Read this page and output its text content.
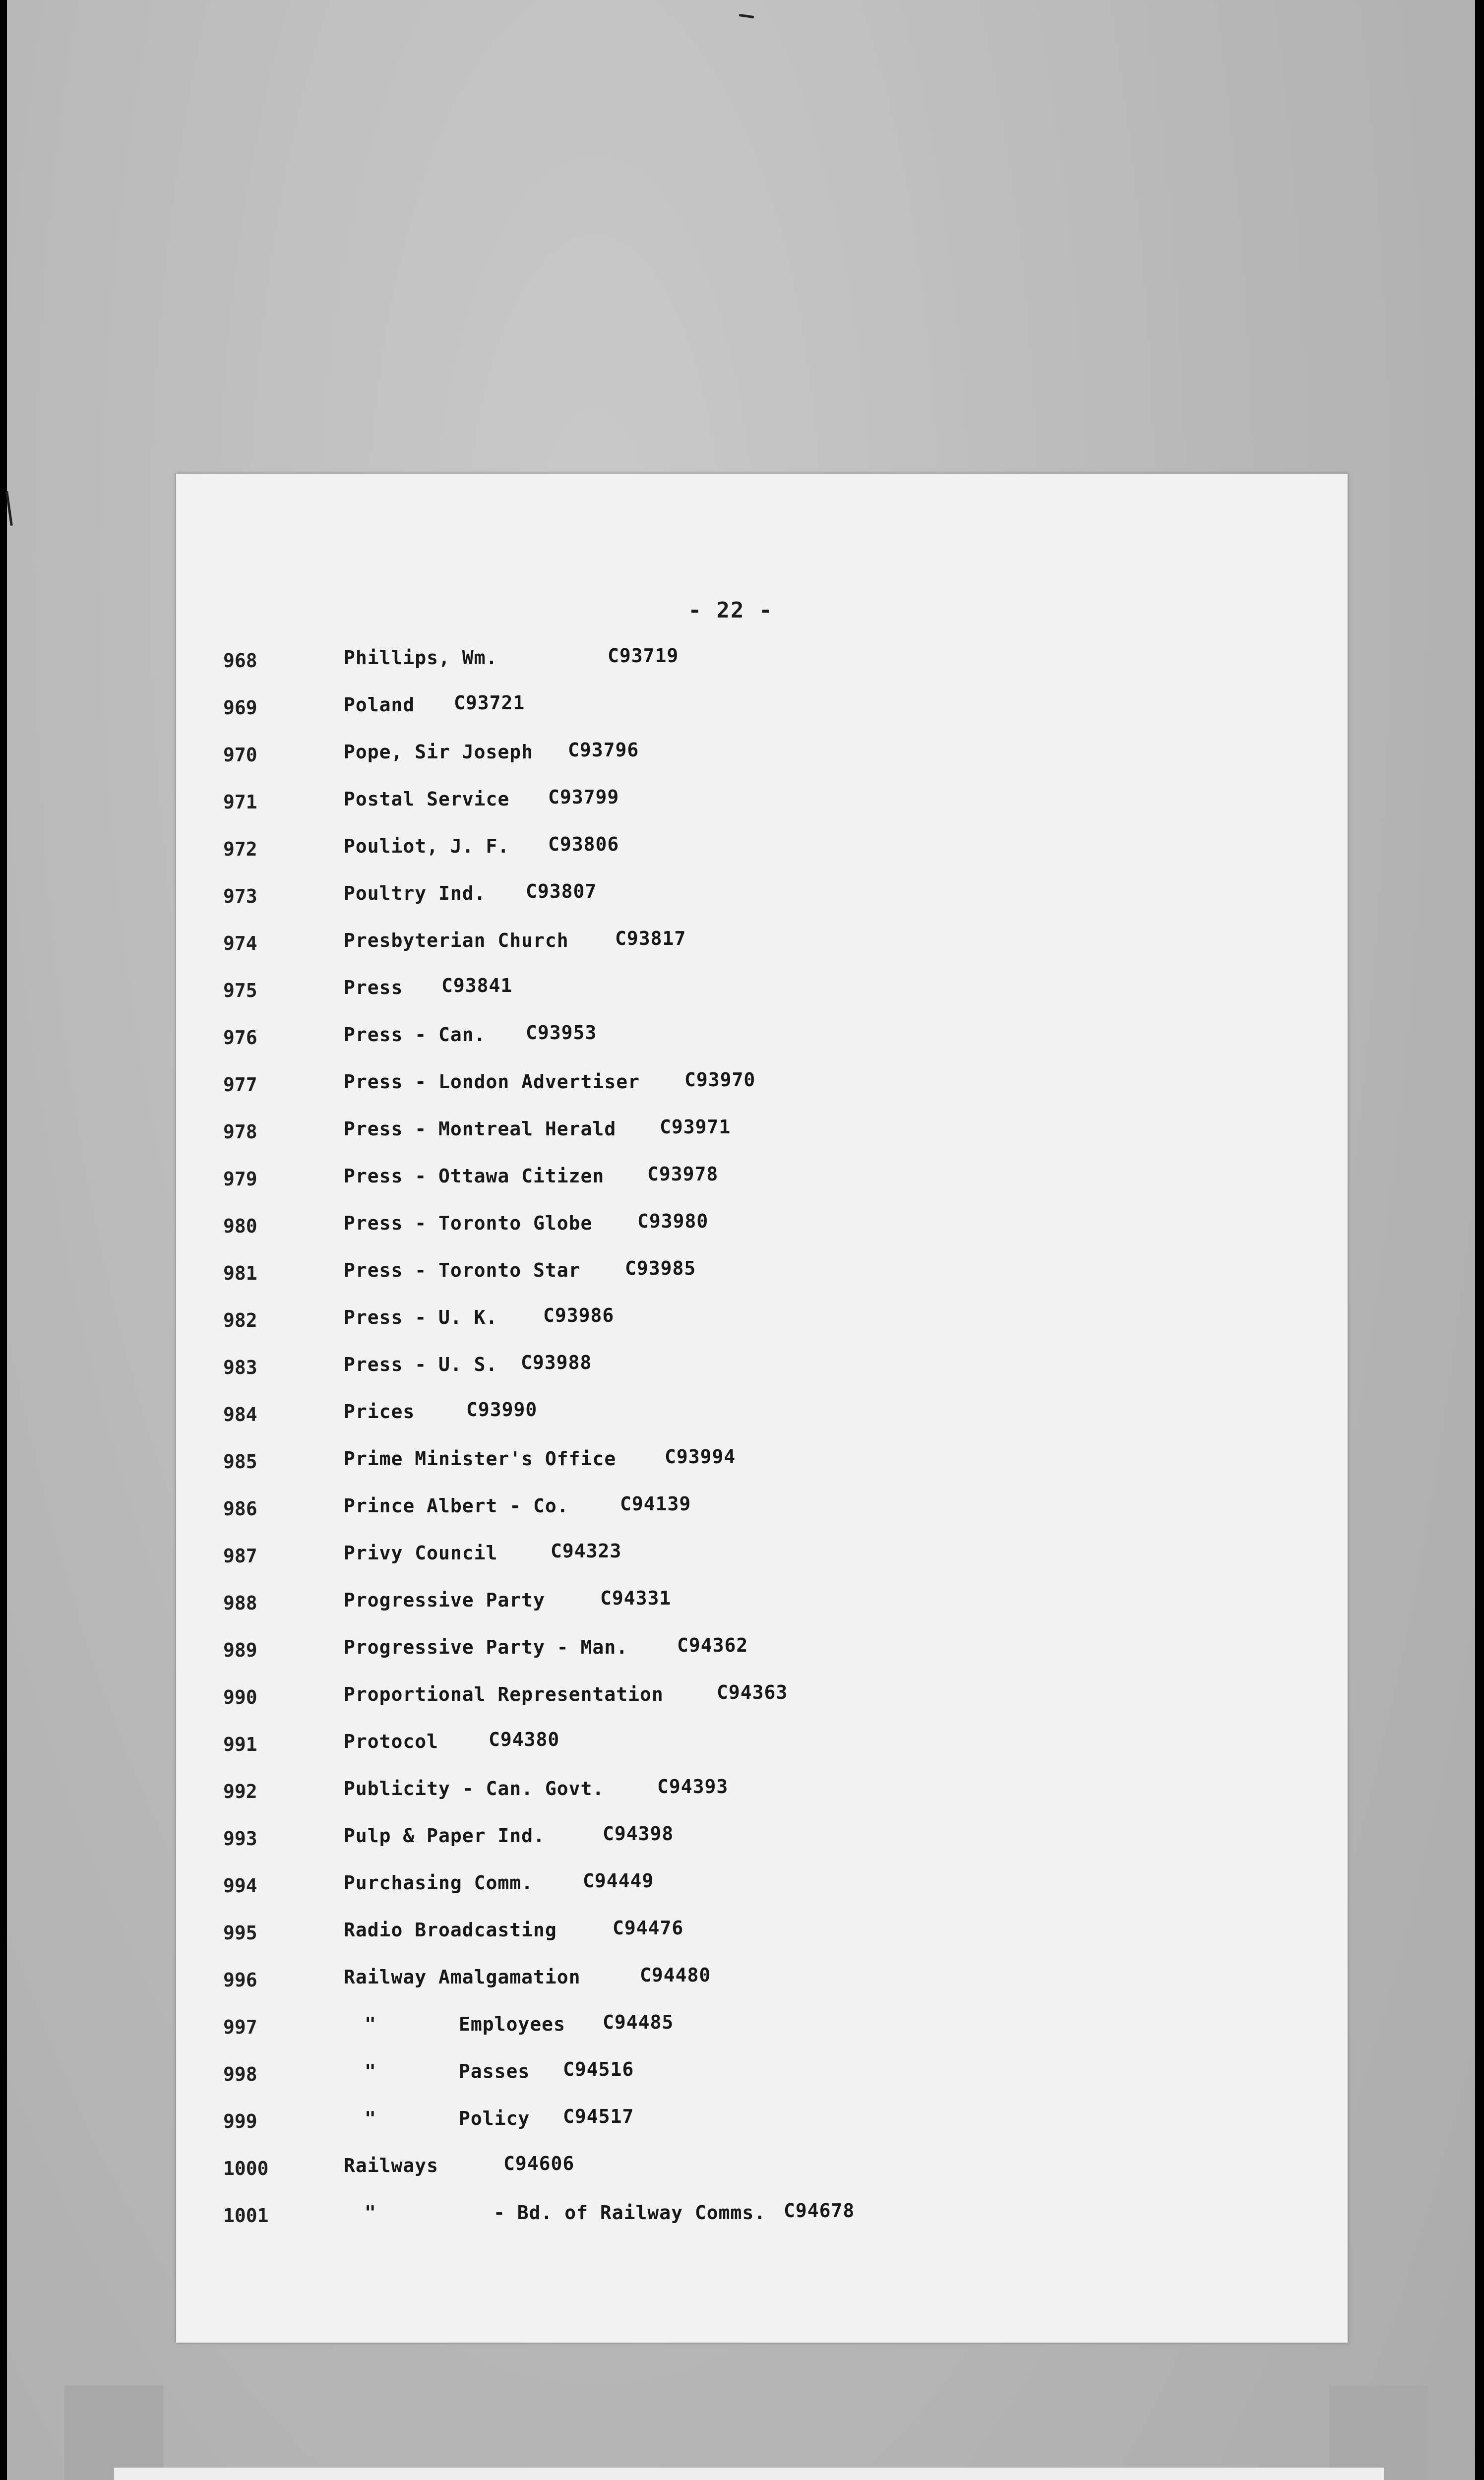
- 22 -
968	Phillips, Wm.	C93719
969	Poland C93721
970	Pope, Sir Joseph C93796
971	Postal Service C93799
972	Pouliot, J. F. C93806
973	Poultry Ind. C93807
974	Presbyterian Church C93817
975	Press C93841
976	Press - Can. C93953
977	Press - London Advertiser C93970
978	Press - Montreal Herald C93971
979	Press - Ottawa Citizen C93978
980	Press - Toronto Globe C93980
981	Press - Toronto Star C93985
982	Press - U. K. C93986
983	Press - U. S. C93988
984	Prices	C93990
985	Prime Minister's Office	C93994
986	Prince Albert - Co.	C94139
987	Privy Council	C94323
988	Progressive Party	C94331
989	Progressive Party - Man.	C94362
990	Proportional Representation	C94363
991	Protocol	C94380
992	Publicity - Can. Govt.	C94393
993	Pulp & Paper Ind.	C94398
994	Purchasing Comm.	C94449
995	Radio Broadcasting	C94476
996	Railway Amalgamation	C94480
997	"	Employees C94485
998	"	Passes C94516
999	"	Policy C94517
1000	Railways	C94606
1001	"	- Bd. of Railway Comms. C94678
